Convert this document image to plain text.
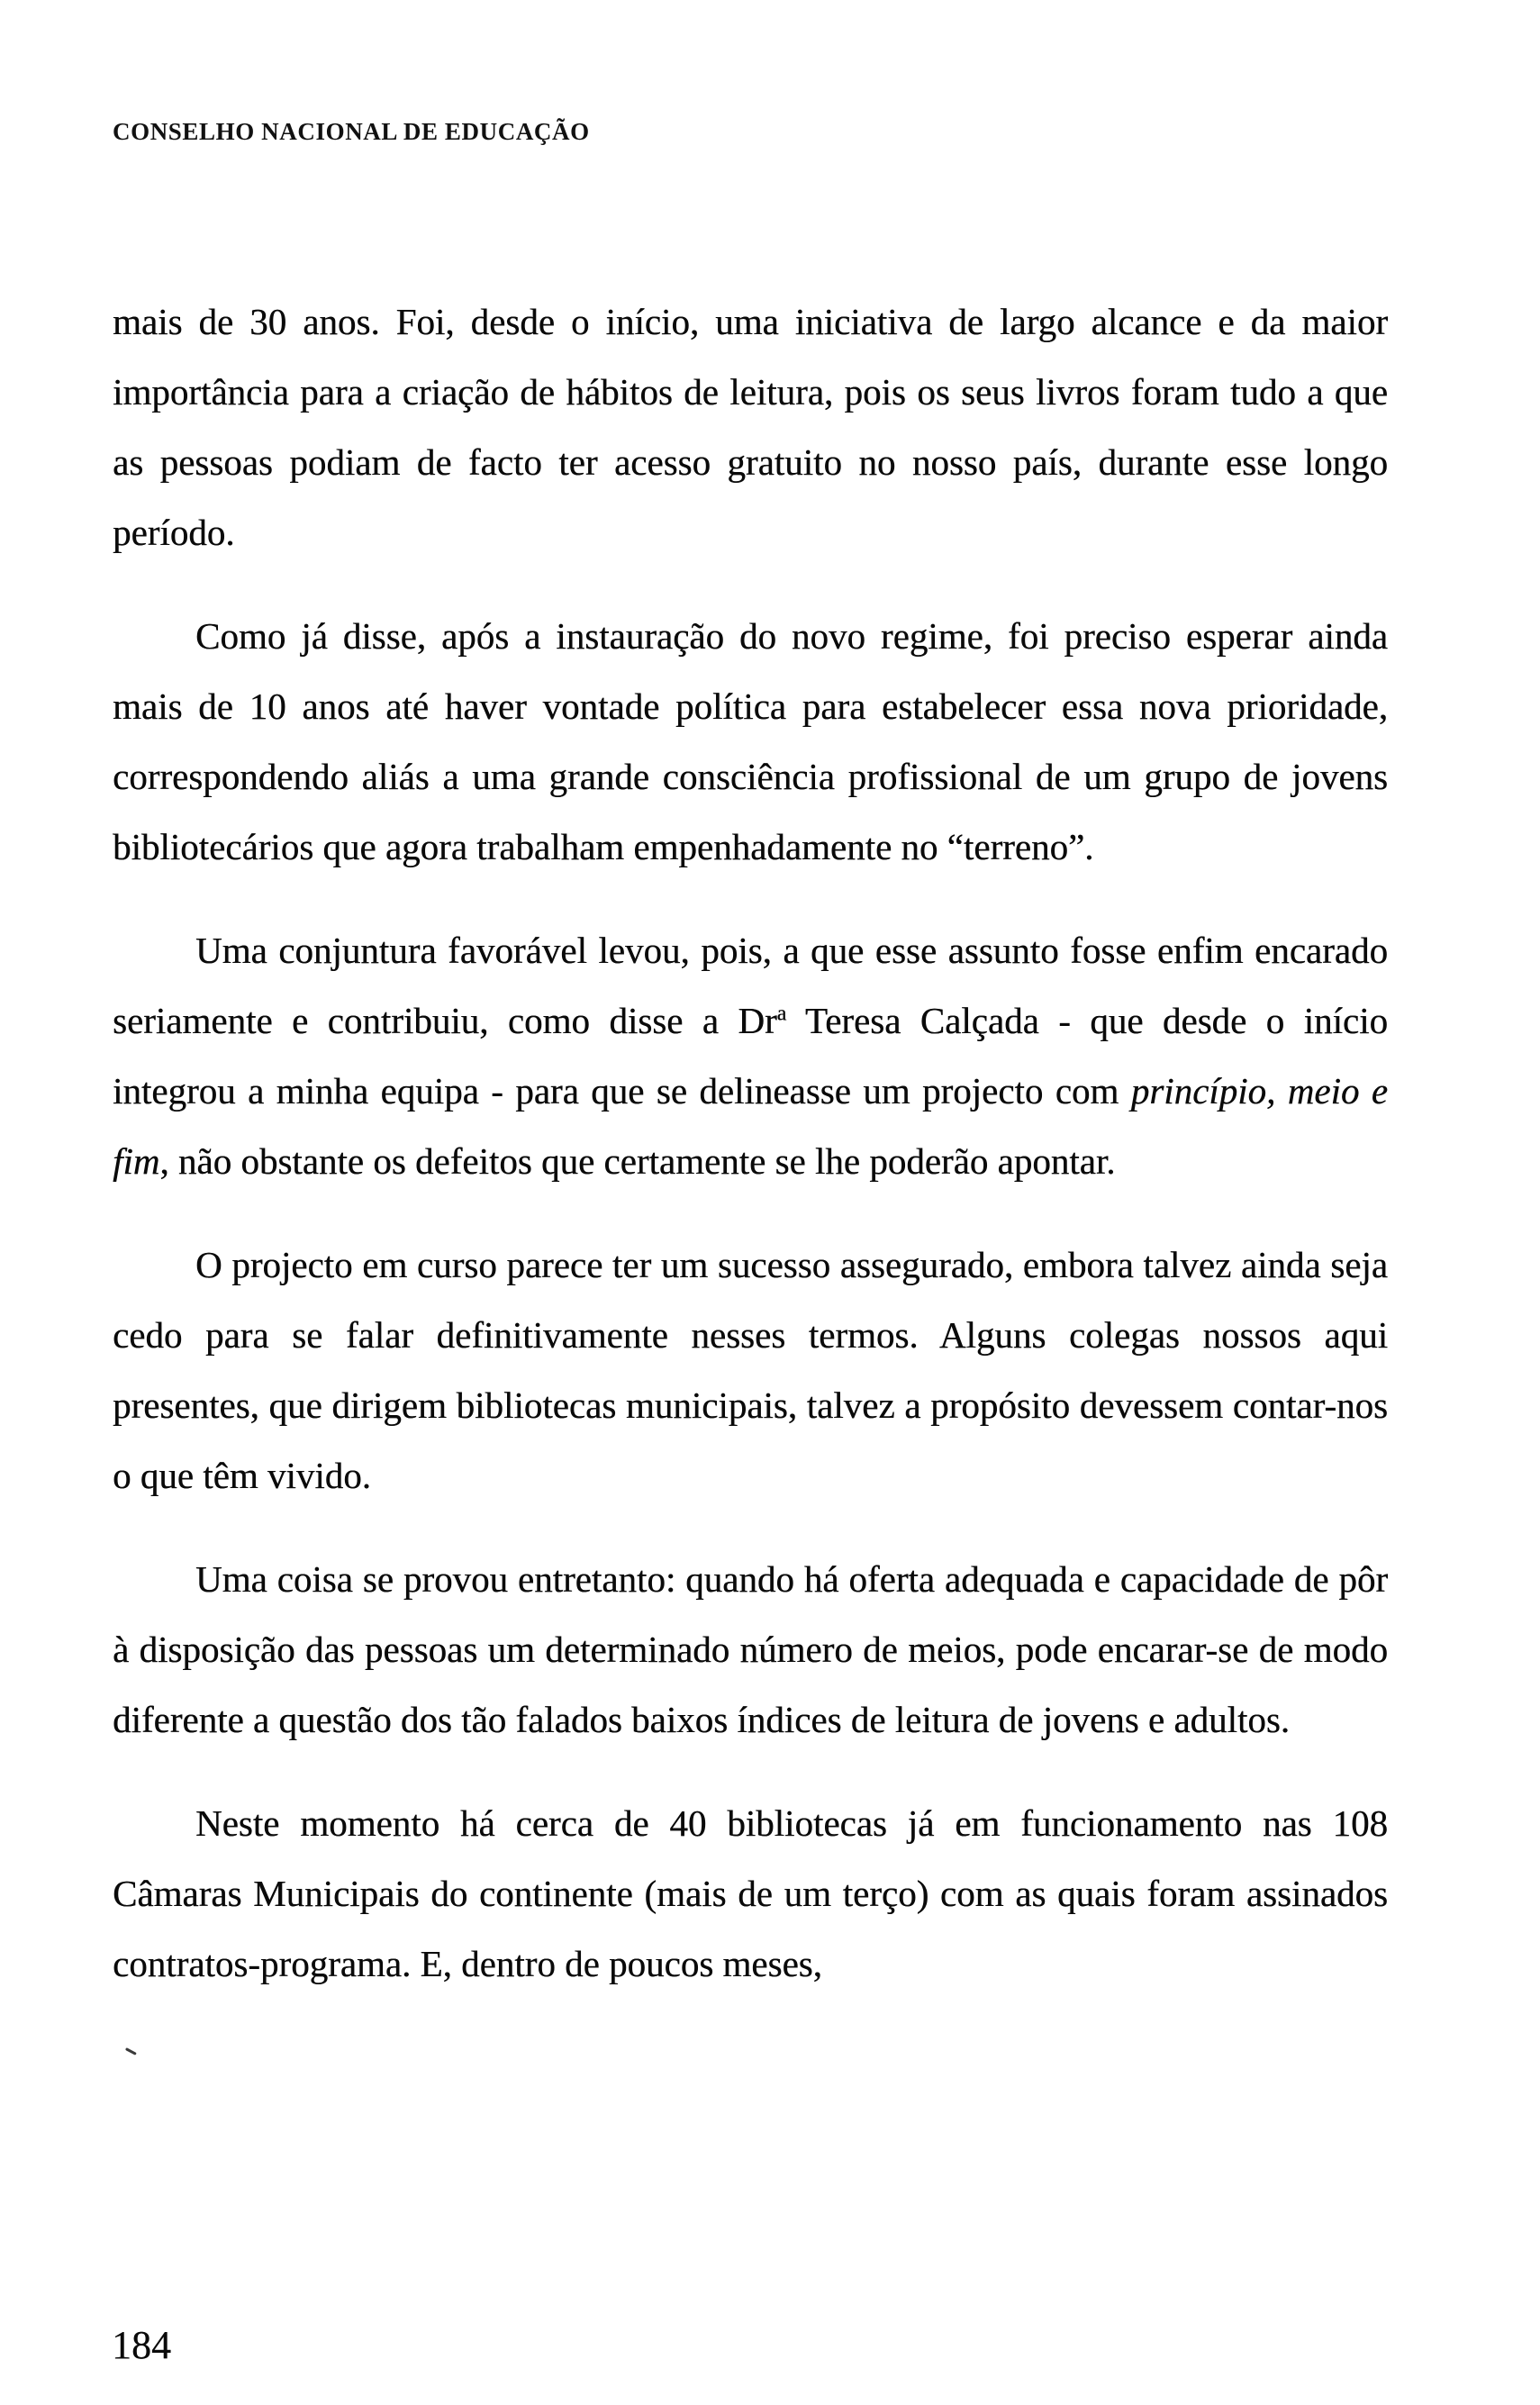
CONSELHO NACIONAL DE EDUCAÇÃO

mais de 30 anos. Foi, desde o início, uma iniciativa de largo alcance e da maior importância para a criação de hábitos de leitura, pois os seus livros foram tudo a que as pessoas podiam de facto ter acesso gratuito no nosso país, durante esse longo período.

Como já disse, após a instauração do novo regime, foi preciso esperar ainda mais de 10 anos até haver vontade política para estabelecer essa nova prioridade, correspondendo aliás a uma grande consciência profissional de um grupo de jovens bibliotecários que agora trabalham empenhadamente no “terreno”.

Uma conjuntura favorável levou, pois, a que esse assunto fosse enfim encarado seriamente e contribuiu, como disse a Dr$^a$ Teresa Calçada - que desde o início integrou a minha equipa - para que se delineasse um projecto com princípio, meio e fim, não obstante os defeitos que certamente se lhe poderão apontar.

O projecto em curso parece ter um sucesso assegurado, embora talvez ainda seja cedo para se falar definitivamente nesses termos. Alguns colegas nossos aqui presentes, que dirigem bibliotecas municipais, talvez a propósito devessem contar-nos o que têm vivido.

Uma coisa se provou entretanto: quando há oferta adequada e capacidade de pôr à disposição das pessoas um determinado número de meios, pode encarar-se de modo diferente a questão dos tão falados baixos índices de leitura de jovens e adultos.

Neste momento há cerca de 40 bibliotecas já em funcionamento nas 108 Câmaras Municipais do continente (mais de um terço) com as quais foram assinados contratos-programa. E, dentro de poucos meses,

184
